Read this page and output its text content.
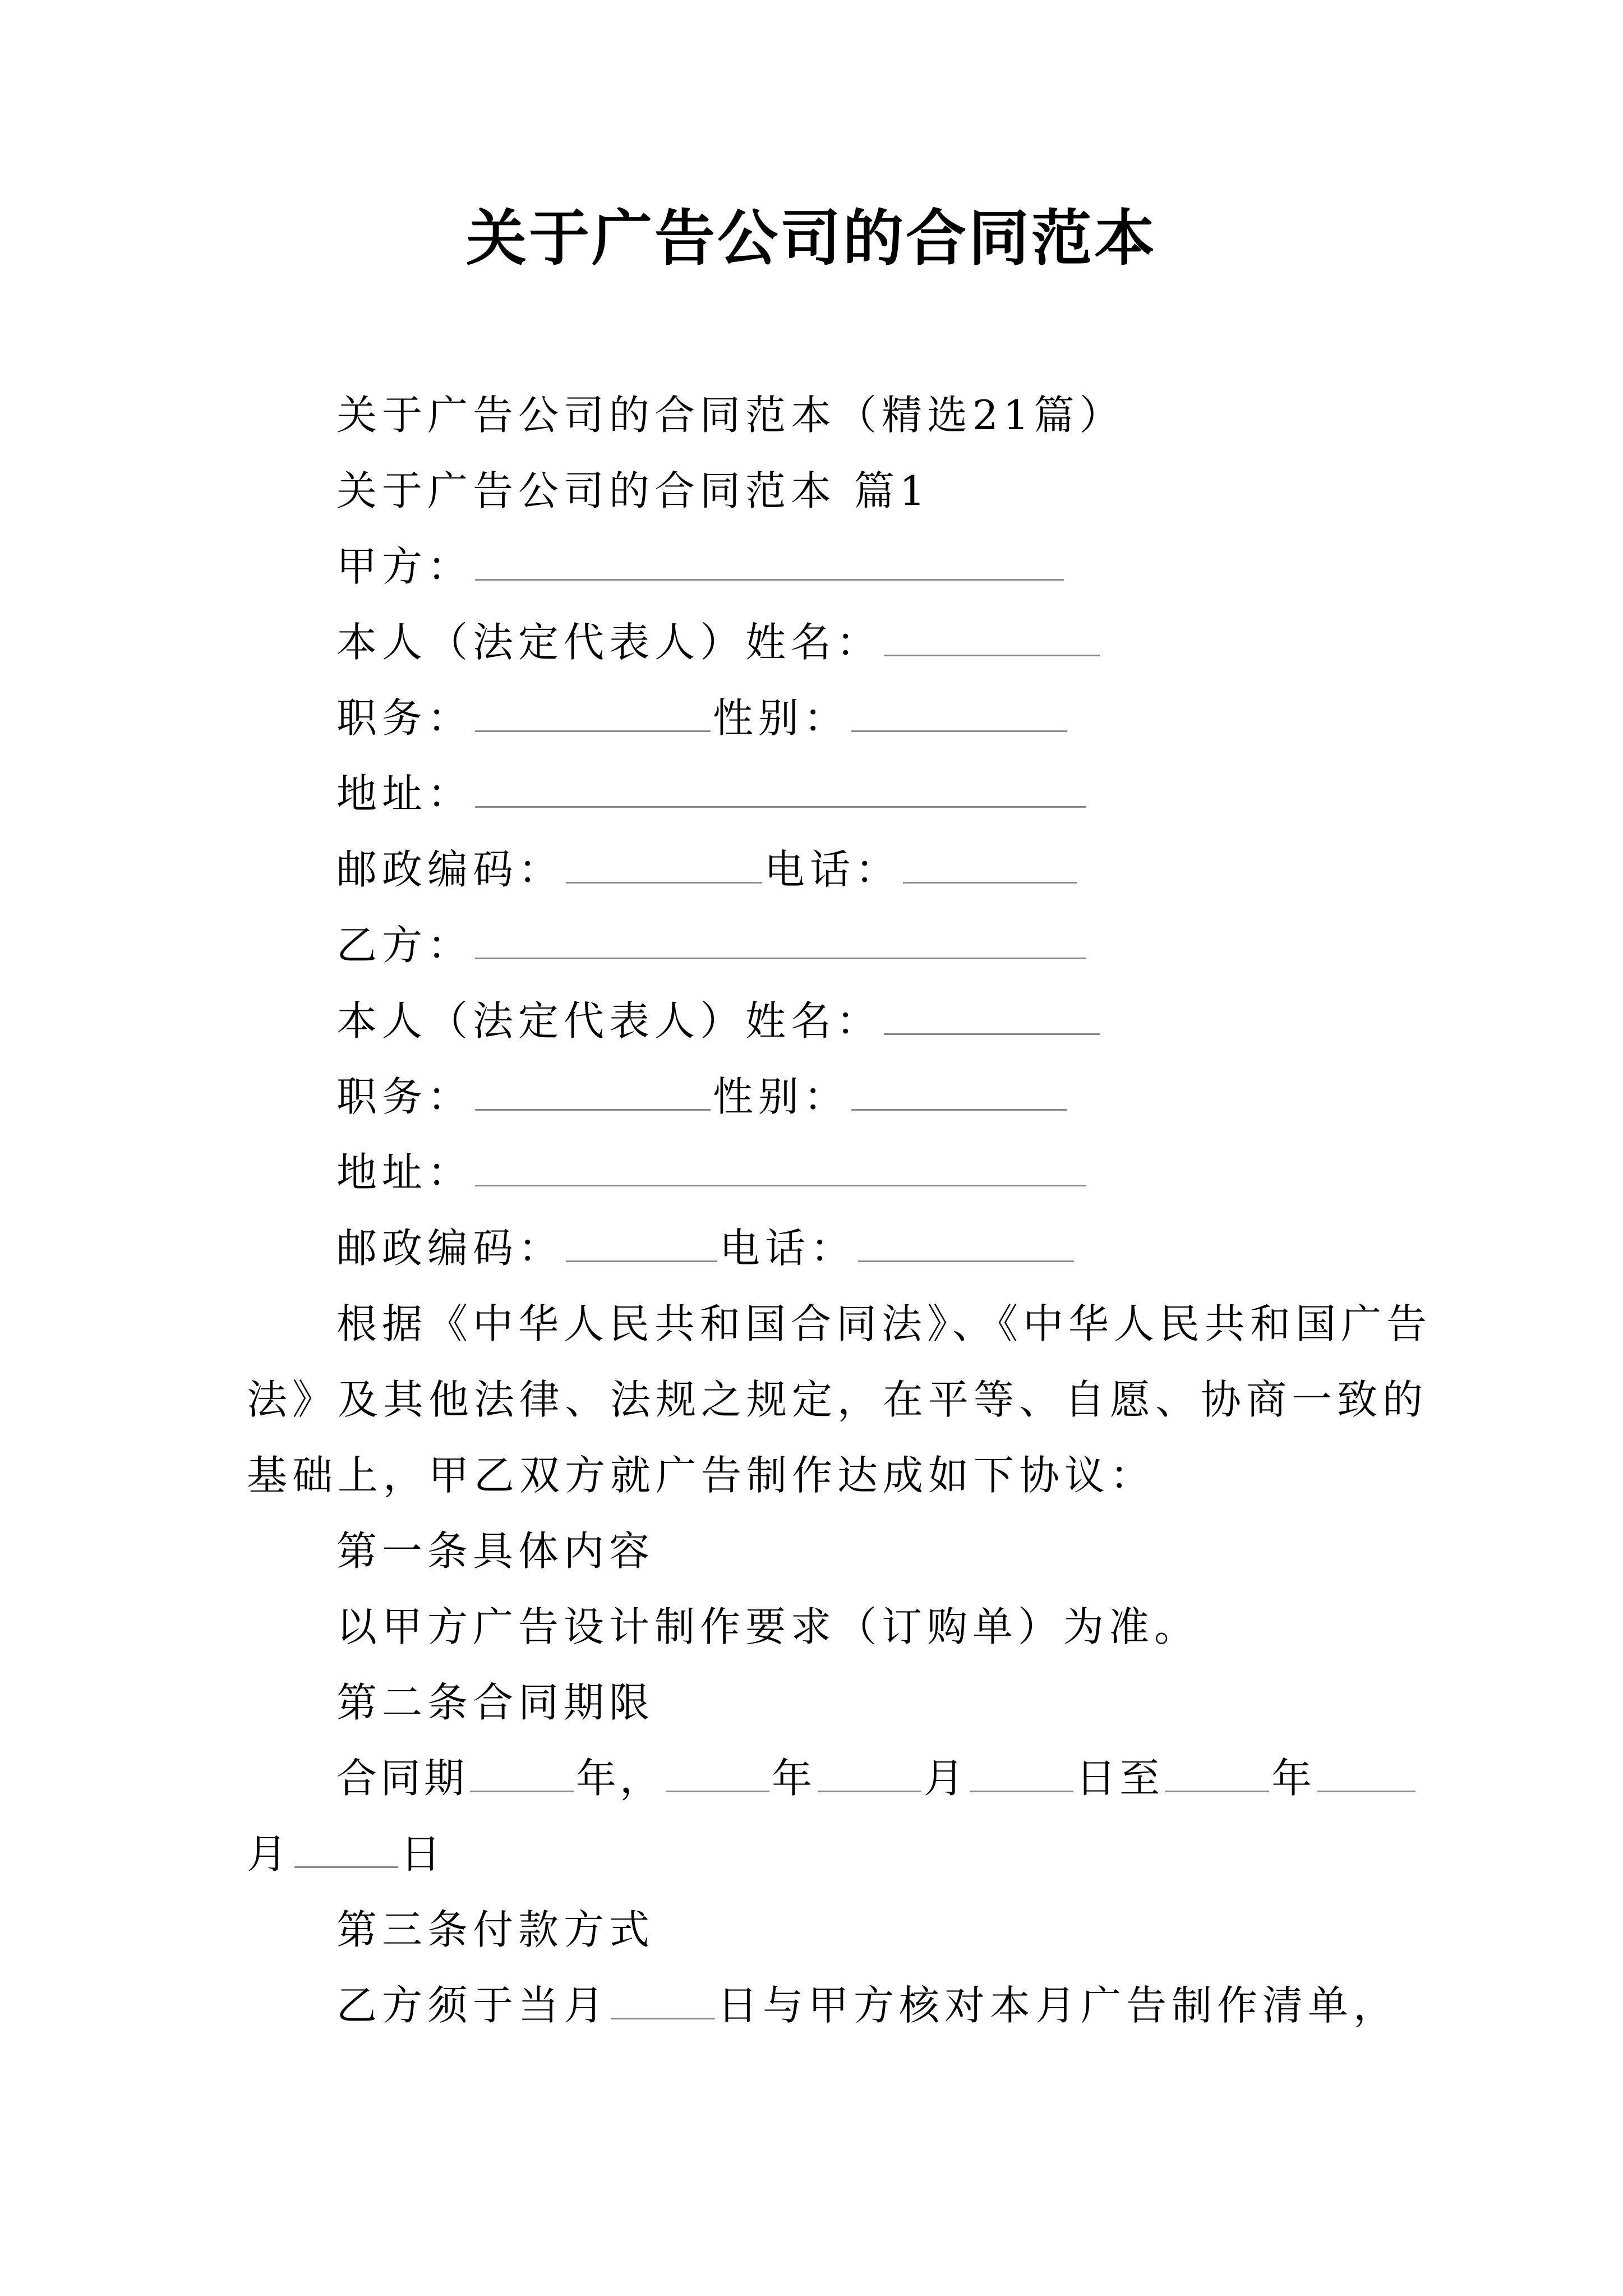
关于广告公司的合同范本
关于广告公司的合同范本（精选21篇）
关于广告公司的合同范本 篇1
甲方：
本人（法定代表人）姓名：
职务：	性别：
地址：
邮政编码：	电话：
乙方：
本人（法定代表人）姓名：
职务：	性别：
地址：
邮政编码：	电话：
根据《中华人民共和国合同法》、《中华人民共和国广告
法》及其他法律、法规之规定，在平等、自愿、协商一致的
基础上，甲乙双方就广告制作达成如下协议：
第一条具体内容
以甲方广告设计制作要求（订购单）为准。
第二条合同期限
合同期	年，	年	月	日至	年
月	日
第三条付款方式
乙方须于当月	日与甲方核对本月广告制作清单，
